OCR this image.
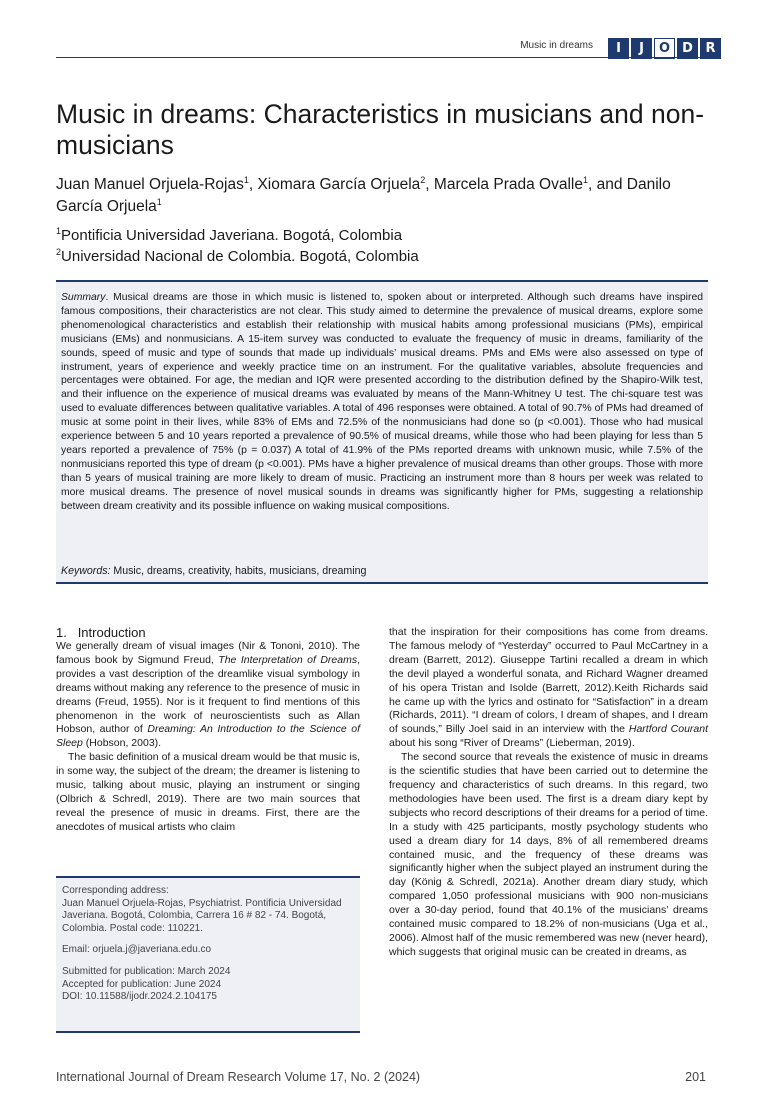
Music in dreams	I	J	O D R
Music in dreams: Characteristics in musicians and non-musicians
Juan Manuel Orjuela-Rojas$^1$, Xiomara García Orjuela$^2$, Marcela Prada Ovalle$^1$, and Danilo García Orjuela$^1$
$^1$Pontificia Universidad Javeriana. Bogotá, Colombia
$^2$Universidad Nacional de Colombia. Bogotá, Colombia

Summary. Musical dreams are those in which music is listened to, spoken about or interpreted. Although such dreams have inspired famous compositions, their characteristics are not clear. This study aimed to determine the prevalence of musical dreams, explore some phenomenological characteristics and establish their relationship with musical habits among professional musicians (PMs), empirical musicians (EMs) and nonmusicians. A 15-item survey was conducted to evaluate the frequency of music in dreams, familiarity of the sounds, speed of music and type of sounds that made up individuals’ musical dreams. PMs and EMs were also assessed on type of instrument, years of experience and weekly practice time on an instrument. For the qualitative variables, absolute frequencies and percentages were obtained. For age, the median and IQR were presented according to the distribution defined by the Shapiro-Wilk test, and their influence on the experience of musical dreams was evaluated by means of the Mann-Whitney U test. The chi-square test was used to evaluate differences between qualitative variables. A total of 496 responses were obtained. A total of 90.7% of PMs had dreamed of music at some point in their lives, while 83% of EMs and 72.5% of the nonmusicians had done so (p <0.001). Those who had musical experience between 5 and 10 years reported a prevalence of 90.5% of musical dreams, while those who had been playing for less than 5 years reported a prevalence of 75% (p = 0.037) A total of 41.9% of the PMs reported dreams with unknown music, while 7.5% of the nonmusicians reported this type of dream (p <0.001). PMs have a higher prevalence of musical dreams than other groups. Those with more than 5 years of musical training are more likely to dream of music. Practicing an instrument more than 8 hours per week was related to more musical dreams. The presence of novel musical sounds in dreams was significantly higher for PMs, suggesting a relationship between dream creativity and its possible influence on waking musical compositions.

Keywords: Music, dreams, creativity, habits, musicians, dreaming

1. Introduction

We generally dream of visual images (Nir & Tononi, 2010). The famous book by Sigmund Freud, The Interpretation of Dreams, provides a vast description of the dreamlike visual symbology in dreams without making any reference to the presence of music in dreams (Freud, 1955). Nor is it frequent to find mentions of this phenomenon in the work of neuroscientists such as Allan Hobson, author of Dreaming: An Introduction to the Science of Sleep (Hobson, 2003).

The basic definition of a musical dream would be that music is, in some way, the subject of the dream; the dreamer is listening to music, talking about music, playing an instrument or singing (Olbrich & Schredl, 2019). There are two main sources that reveal the presence of music in dreams. First, there are the anecdotes of musical artists who claim

that the inspiration for their compositions has come from dreams. The famous melody of “Yesterday” occurred to Paul McCartney in a dream (Barrett, 2012). Giuseppe Tartini recalled a dream in which the devil played a wonderful sonata, and Richard Wagner dreamed of his opera Tristan and Isolde (Barrett, 2012).Keith Richards said he came up with the lyrics and ostinato for “Satisfaction” in a dream (Richards, 2011). “I dream of colors, I dream of shapes, and I dream of sounds,” Billy Joel said in an interview with the Hartford Courant about his song “River of Dreams” (Lieberman, 2019).

The second source that reveals the existence of music in dreams is the scientific studies that have been carried out to determine the frequency and characteristics of such dreams. In this regard, two methodologies have been used. The first is a dream diary kept by subjects who record descriptions of their dreams for a period of time. In a study with 425 participants, mostly psychology students who used a dream diary for 14 days, 8% of all remembered dreams contained music, and the frequency of these dreams was significantly higher when the subject played an instrument during the day (König & Schredl, 2021a). Another dream diary study, which compared 1,050 professional musicians with 900 non-musicians over a 30-day period, found that 40.1% of the musicians’ dreams contained music compared to 18.2% of non-musicians (Uga et al., 2006). Almost half of the music remembered was new (never heard), which suggests that original music can be created in dreams, as

Corresponding address:

Juan Manuel Orjuela-Rojas, Psychiatrist. Pontificia Universidad Javeriana. Bogotá, Colombia, Carrera 16 # 82 - 74. Bogotá, Colombia. Postal code: 110221.

Email: orjuela.j@javeriana.edu.co

Submitted for publication: March 2024

Accepted for publication: June 2024

DOI: 10.11588/ijodr.2024.2.104175

International Journal of Dream Research Volume 17, No. 2 (2024)	201
